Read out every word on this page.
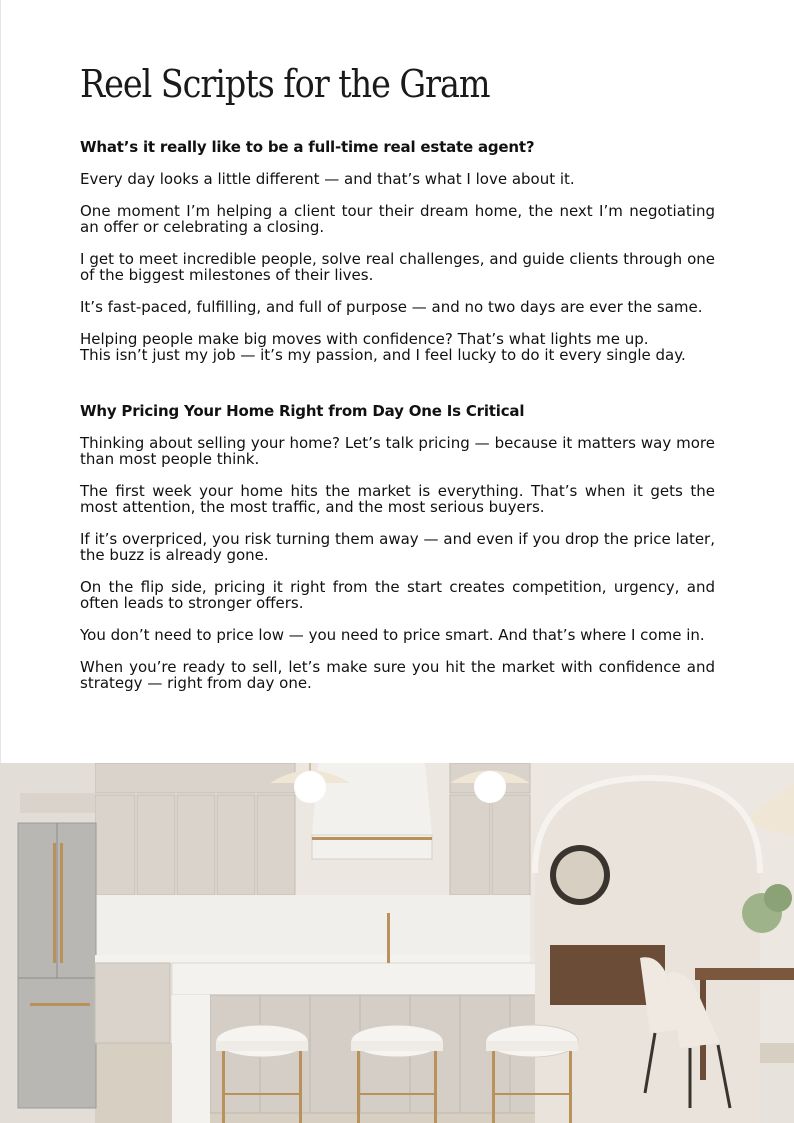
Reel Scripts for the Gram
What’s it really like to be a full-time real estate agent?

Every day looks a little different — and that’s what I love about it.

One moment I’m helping a client tour their dream home, the next I’m negotiating an offer or celebrating a closing.

I get to meet incredible people, solve real challenges, and guide clients through one of the biggest milestones of their lives.

It’s fast-paced, fulfilling, and full of purpose — and no two days are ever the same.

Helping people make big moves with confidence? That’s what lights me up.

This isn’t just my job — it’s my passion, and I feel lucky to do it every single day.

Why Pricing Your Home Right from Day One Is Critical

Thinking about selling your home? Let’s talk pricing — because it matters way more than most people think.

The first week your home hits the market is everything. That’s when it gets the most attention, the most traffic, and the most serious buyers.

If it’s overpriced, you risk turning them away — and even if you drop the price later, the buzz is already gone.

On the flip side, pricing it right from the start creates competition, urgency, and often leads to stronger offers.

You don’t need to price low — you need to price smart. And that’s where I come in.

When you’re ready to sell, let’s make sure you hit the market with confidence and strategy — right from day one.
